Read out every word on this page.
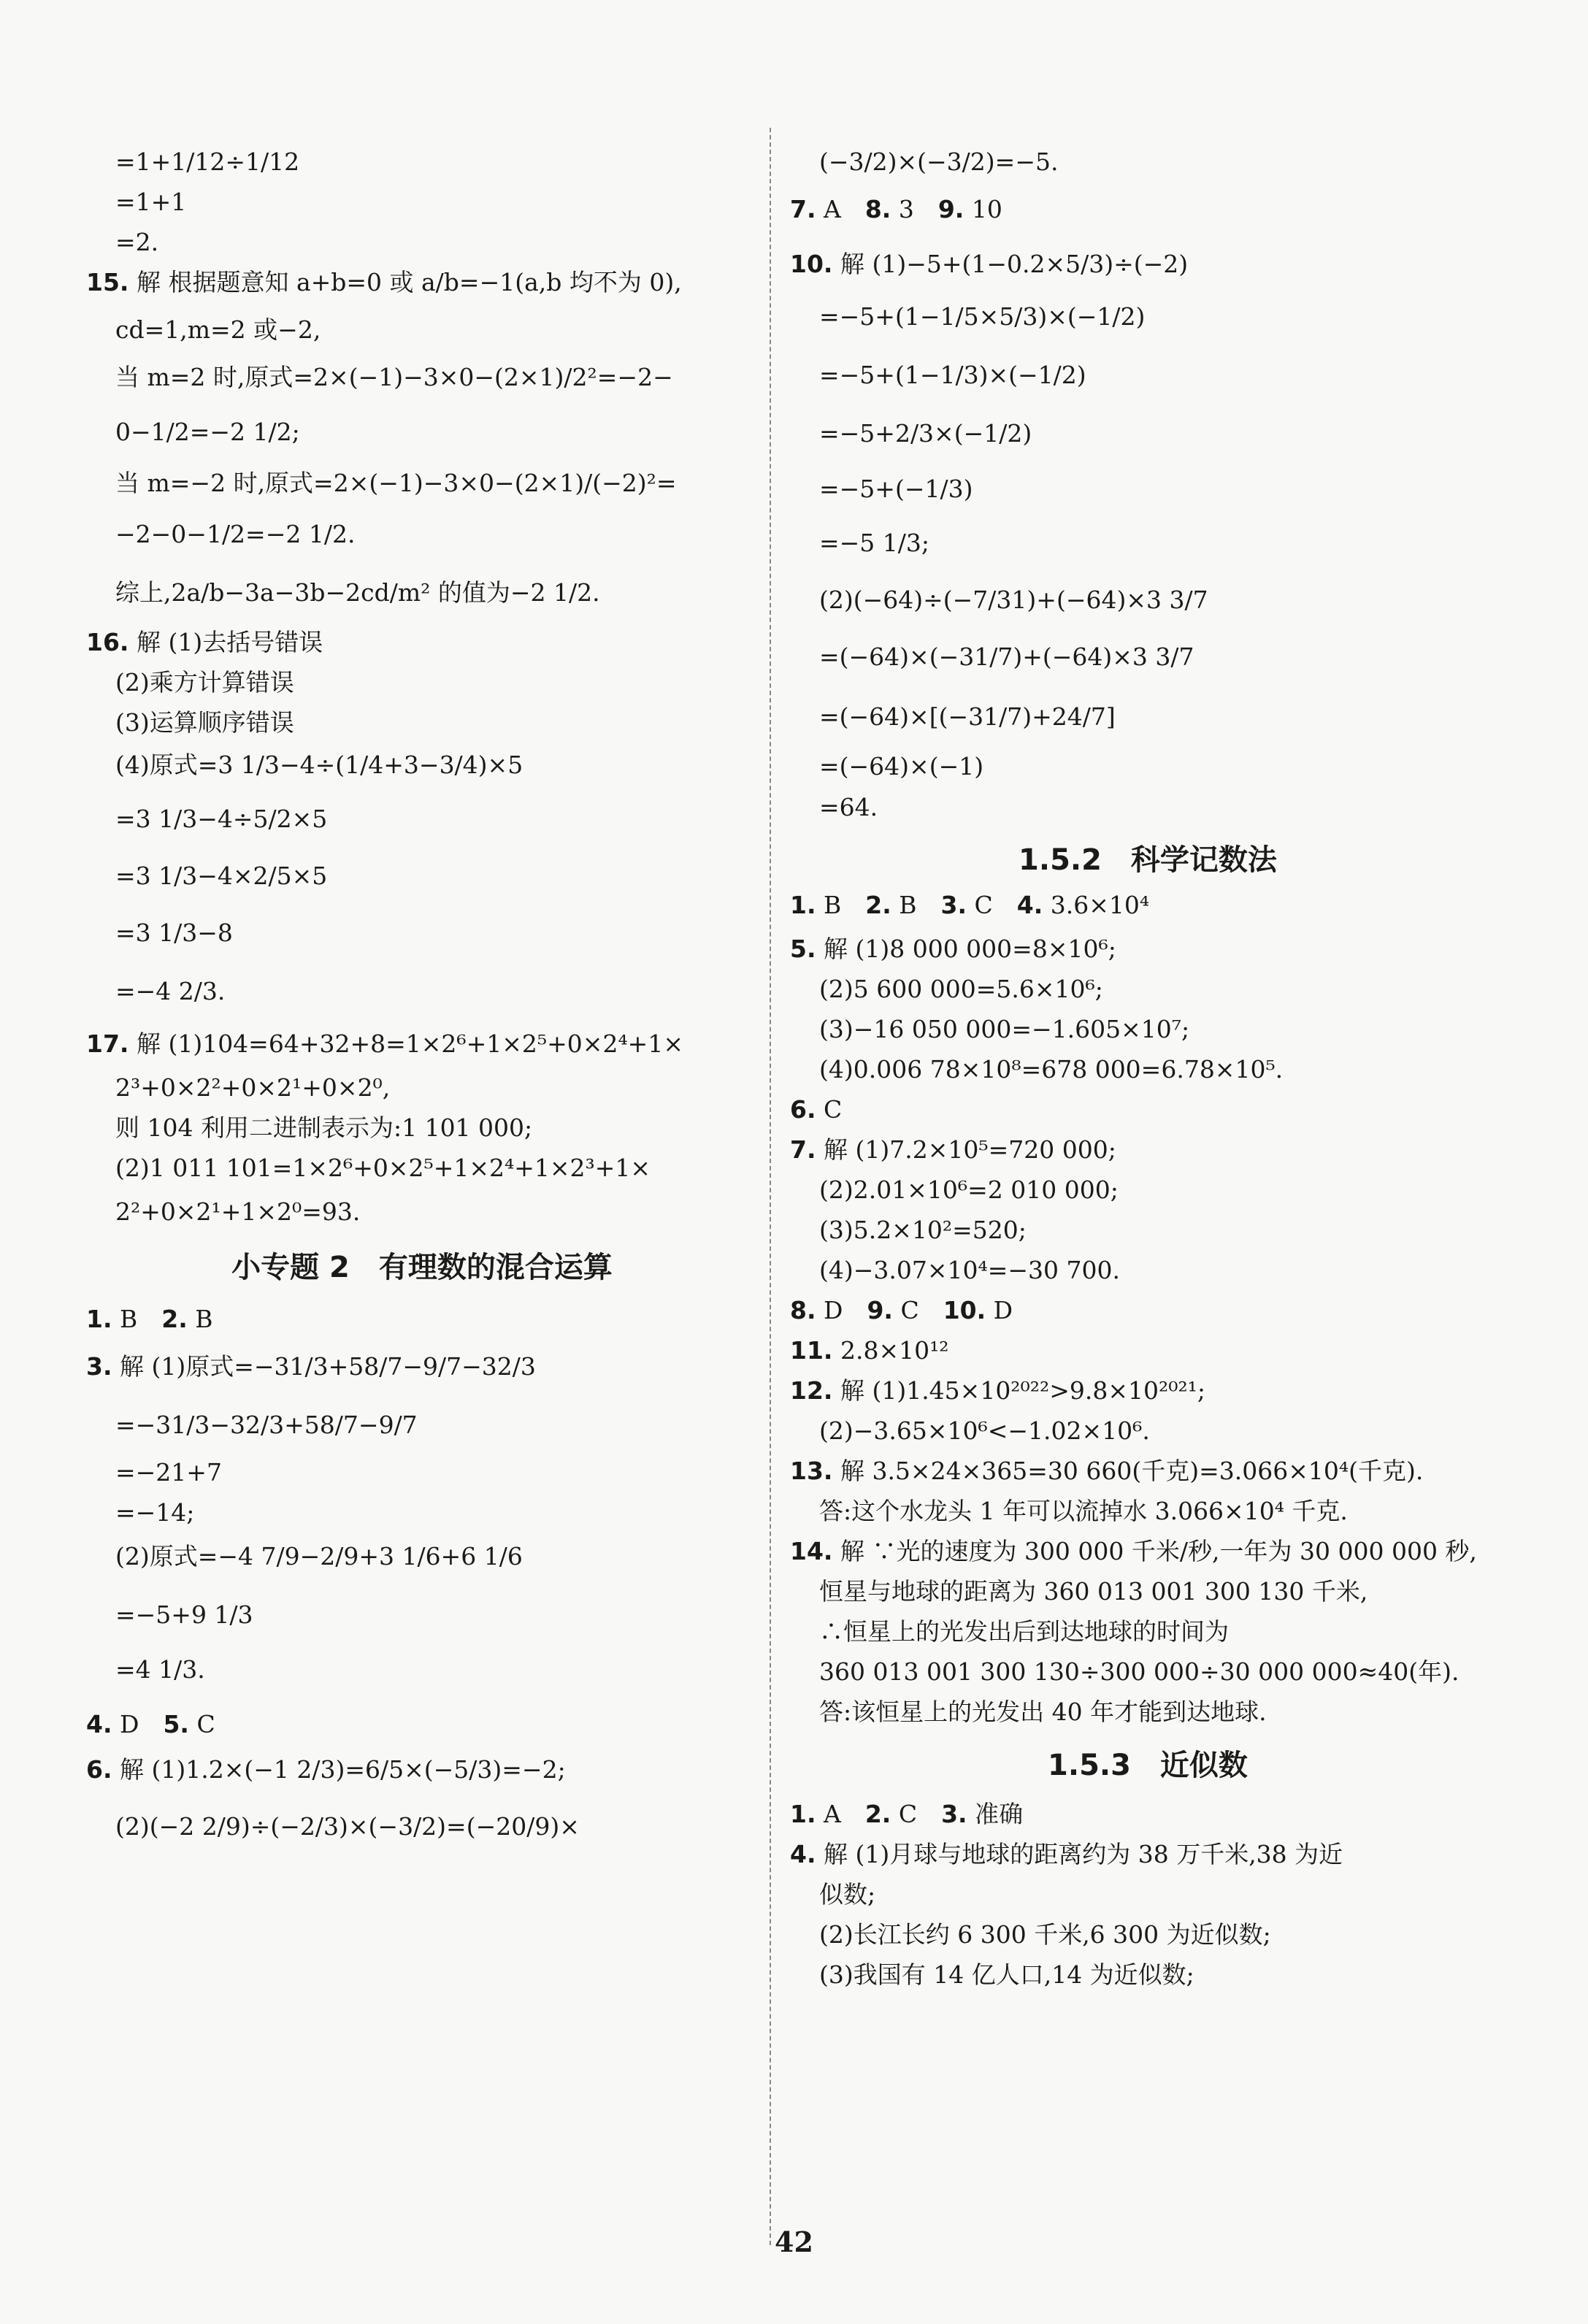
=1+1/12÷1/12
=1+1
=2.
15. 解 根据题意知 a+b=0 或 a/b=−1(a,b 均不为 0),
cd=1,m=2 或−2,
当 m=2 时,原式=2×(−1)−3×0−(2×1)/2²=−2−
0−1/2=−2 1/2;
当 m=−2 时,原式=2×(−1)−3×0−(2×1)/(−2)²=
−2−0−1/2=−2 1/2.
综上,2a/b−3a−3b−2cd/m² 的值为−2 1/2.
16. 解 (1)去括号错误
(2)乘方计算错误
(3)运算顺序错误
(4)原式=3 1/3−4÷(1/4+3−3/4)×5
=3 1/3−4÷5/2×5
=3 1/3−4×2/5×5
=3 1/3−8
=−4 2/3.
17. 解 (1)104=64+32+8=1×2⁶+1×2⁵+0×2⁴+1×
2³+0×2²+0×2¹+0×2⁰,
则 104 利用二进制表示为:1 101 000;
(2)1 011 101=1×2⁶+0×2⁵+1×2⁴+1×2³+1×
2²+0×2¹+1×2⁰=93.
小专题 2　有理数的混合运算
1. B　2. B
3. 解 (1)原式=−31/3+58/7−9/7−32/3
=−31/3−32/3+58/7−9/7
=−21+7
=−14;
(2)原式=−4 7/9−2/9+3 1/6+6 1/6
=−5+9 1/3
=4 1/3.
4. D　5. C
6. 解 (1)1.2×(−1 2/3)=6/5×(−5/3)=−2;
(2)(−2 2/9)÷(−2/3)×(−3/2)=(−20/9)×
(−3/2)×(−3/2)=−5.
7. A　8. 3　9. 10
10. 解 (1)−5+(1−0.2×5/3)÷(−2)
=−5+(1−1/5×5/3)×(−1/2)
=−5+(1−1/3)×(−1/2)
=−5+2/3×(−1/2)
=−5+(−1/3)
=−5 1/3;
(2)(−64)÷(−7/31)+(−64)×3 3/7
=(−64)×(−31/7)+(−64)×3 3/7
=(−64)×[(−31/7)+24/7]
=(−64)×(−1)
=64.
1.5.2　科学记数法
1. B　2. B　3. C　4. 3.6×10⁴
5. 解 (1)8 000 000=8×10⁶;
(2)5 600 000=5.6×10⁶;
(3)−16 050 000=−1.605×10⁷;
(4)0.006 78×10⁸=678 000=6.78×10⁵.
6. C
7. 解 (1)7.2×10⁵=720 000;
(2)2.01×10⁶=2 010 000;
(3)5.2×10²=520;
(4)−3.07×10⁴=−30 700.
8. D　9. C　10. D
11. 2.8×10¹²
12. 解 (1)1.45×10²⁰²²>9.8×10²⁰²¹;
(2)−3.65×10⁶<−1.02×10⁶.
13. 解 3.5×24×365=30 660(千克)=3.066×10⁴(千克).
答:这个水龙头 1 年可以流掉水 3.066×10⁴ 千克.
14. 解 ∵光的速度为 300 000 千米/秒,一年为 30 000 000 秒,
恒星与地球的距离为 360 013 001 300 130 千米,
∴恒星上的光发出后到达地球的时间为
360 013 001 300 130÷300 000÷30 000 000≈40(年).
答:该恒星上的光发出 40 年才能到达地球.
1.5.3　近似数
1. A　2. C　3. 准确
4. 解 (1)月球与地球的距离约为 38 万千米,38 为近
似数;
(2)长江长约 6 300 千米,6 300 为近似数;
(3)我国有 14 亿人口,14 为近似数;
42
